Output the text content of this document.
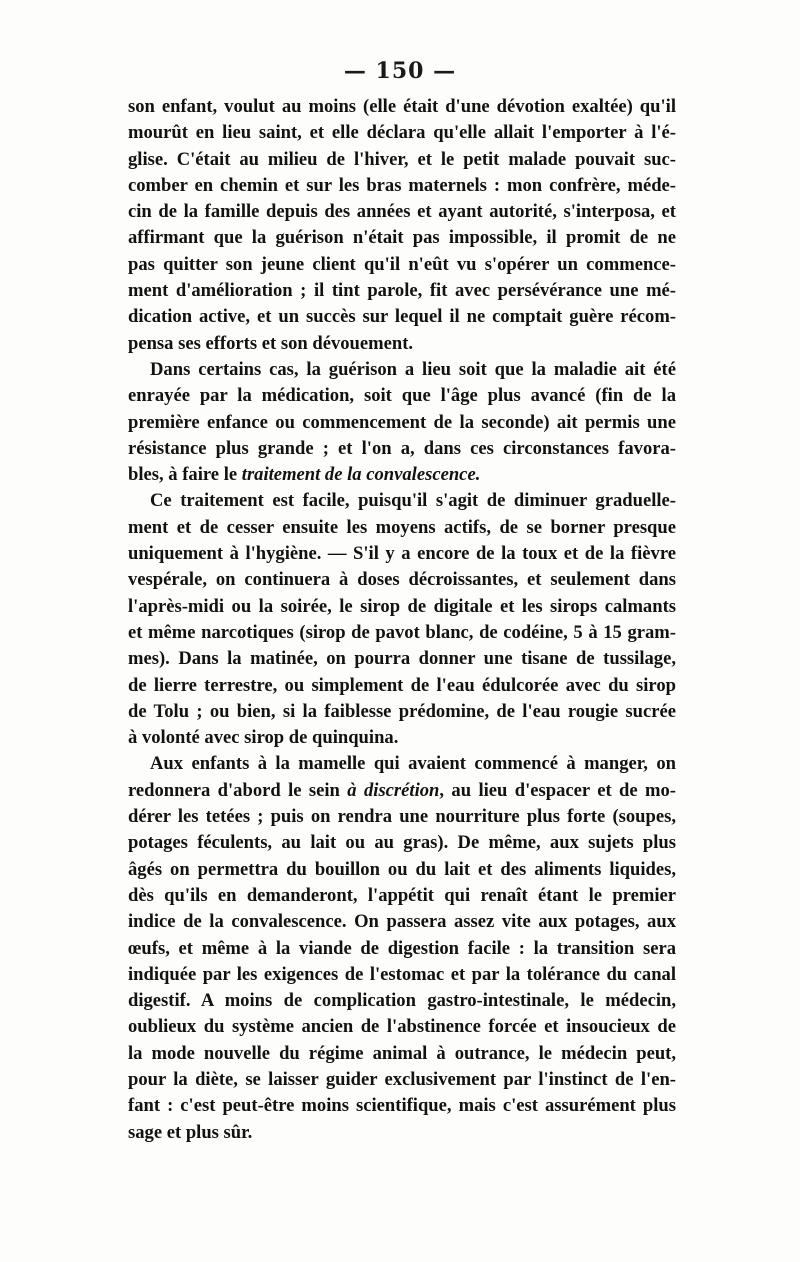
— 150 —
son enfant, voulut au moins (elle était d'une dévotion exaltée) qu'il
mourût en lieu saint, et elle déclara qu'elle allait l'emporter à l'é-
glise. C'était au milieu de l'hiver, et le petit malade pouvait suc-
comber en chemin et sur les bras maternels : mon confrère, méde-
cin de la famille depuis des années et ayant autorité, s'interposa, et
affirmant que la guérison n'était pas impossible, il promit de ne
pas quitter son jeune client qu'il n'eût vu s'opérer un commence-
ment d'amélioration ; il tint parole, fit avec persévérance une mé-
dication active, et un succès sur lequel il ne comptait guère récom-
pensa ses efforts et son dévouement.
Dans certains cas, la guérison a lieu soit que la maladie ait été
enrayée par la médication, soit que l'âge plus avancé (fin de la
première enfance ou commencement de la seconde) ait permis une
résistance plus grande ; et l'on a, dans ces circonstances favora-
bles, à faire le traitement de la convalescence.
Ce traitement est facile, puisqu'il s'agit de diminuer graduelle-
ment et de cesser ensuite les moyens actifs, de se borner presque
uniquement à l'hygiène. — S'il y a encore de la toux et de la fièvre
vespérale, on continuera à doses décroissantes, et seulement dans
l'après-midi ou la soirée, le sirop de digitale et les sirops calmants
et même narcotiques (sirop de pavot blanc, de codéine, 5 à 15 gram-
mes). Dans la matinée, on pourra donner une tisane de tussilage,
de lierre terrestre, ou simplement de l'eau édulcorée avec du sirop
de Tolu ; ou bien, si la faiblesse prédomine, de l'eau rougie sucrée
à volonté avec sirop de quinquina.
Aux enfants à la mamelle qui avaient commencé à manger, on
redonnera d'abord le sein à discrétion, au lieu d'espacer et de mo-
dérer les tetées ; puis on rendra une nourriture plus forte (soupes,
potages féculents, au lait ou au gras). De même, aux sujets plus
âgés on permettra du bouillon ou du lait et des aliments liquides,
dès qu'ils en demanderont, l'appétit qui renaît étant le premier
indice de la convalescence. On passera assez vite aux potages, aux
œufs, et même à la viande de digestion facile : la transition sera
indiquée par les exigences de l'estomac et par la tolérance du canal
digestif. A moins de complication gastro-intestinale, le médecin,
oublieux du système ancien de l'abstinence forcée et insoucieux de
la mode nouvelle du régime animal à outrance, le médecin peut,
pour la diète, se laisser guider exclusivement par l'instinct de l'en-
fant : c'est peut-être moins scientifique, mais c'est assurément plus
sage et plus sûr.
